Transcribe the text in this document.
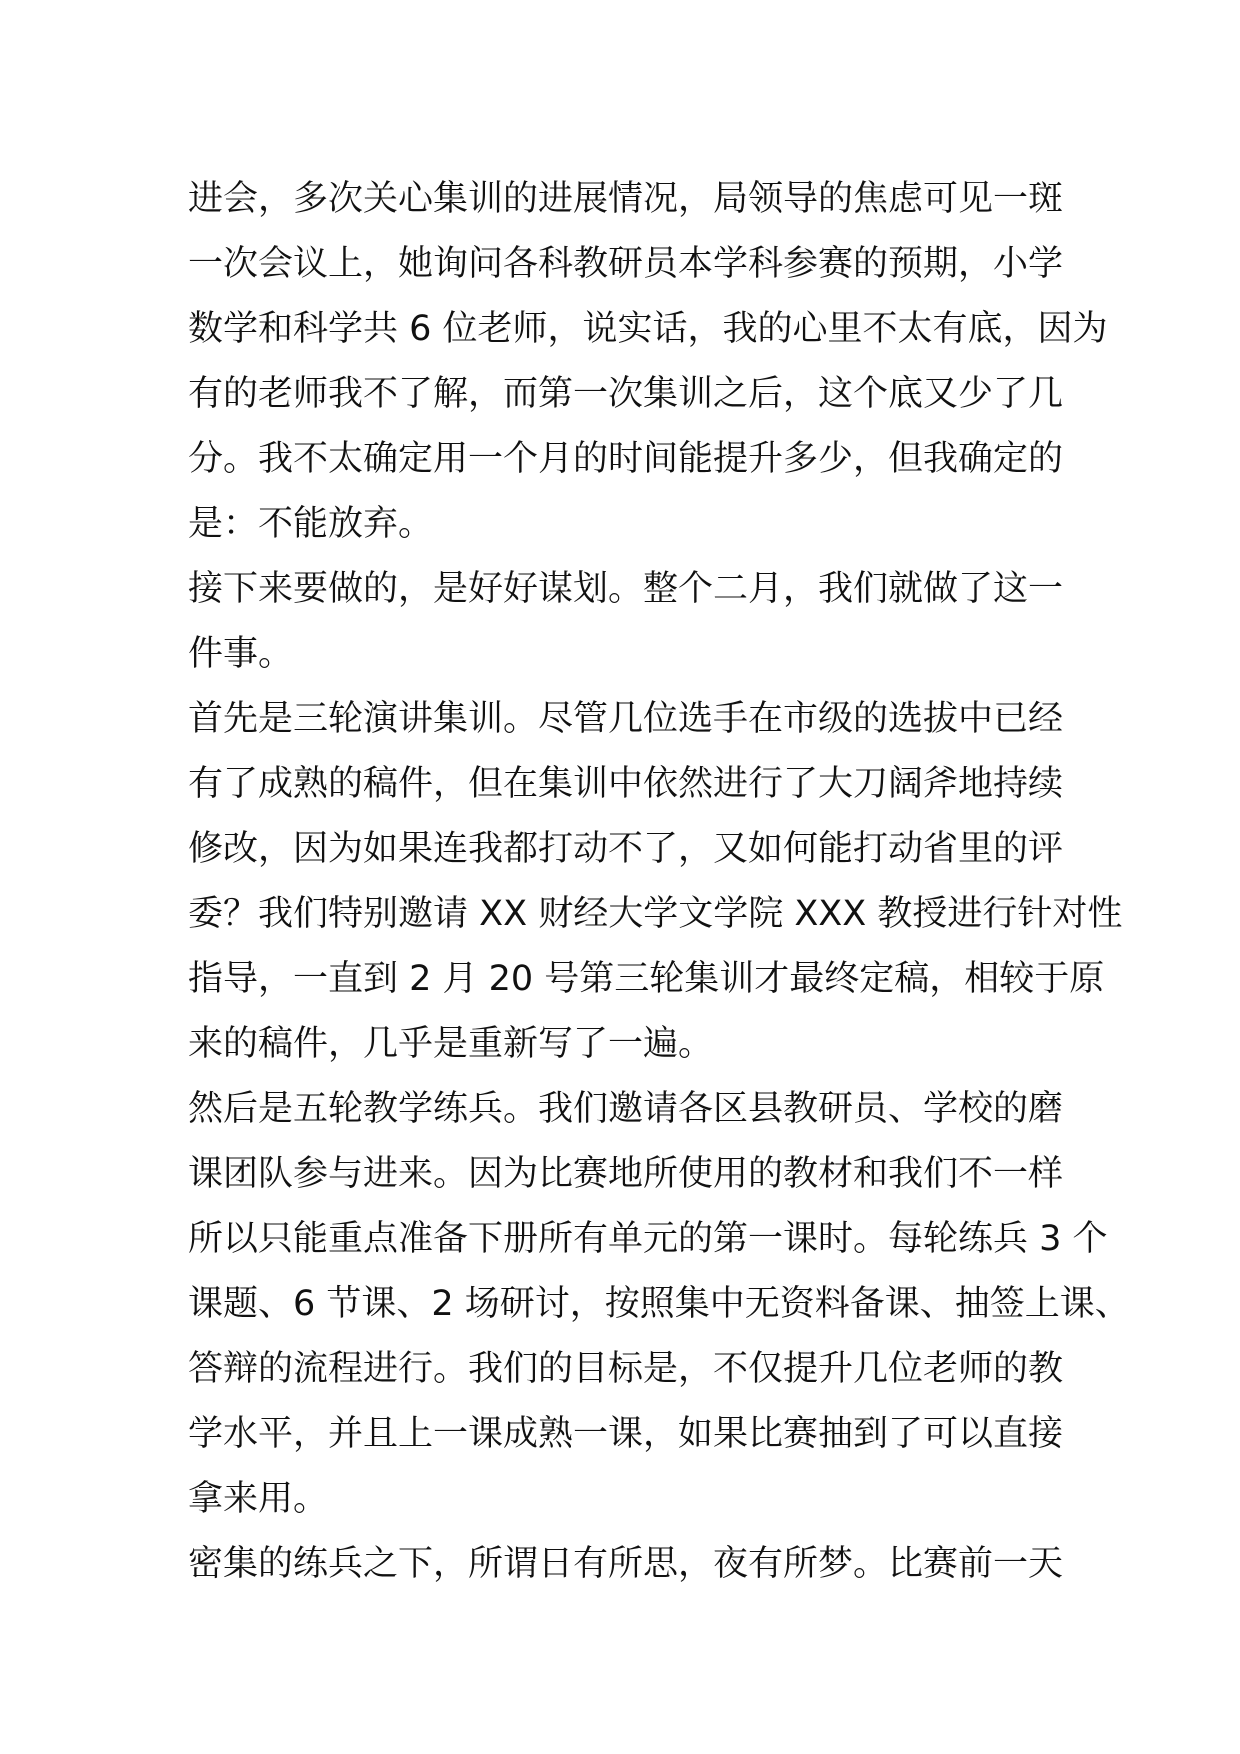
进会，多次关心集训的进展情况，局领导的焦虑可见一斑
一次会议上，她询问各科教研员本学科参赛的预期，小学
数学和科学共 6 位老师，说实话，我的心里不太有底，因为
有的老师我不了解，而第一次集训之后，这个底又少了几
分。我不太确定用一个月的时间能提升多少，但我确定的
是：不能放弃。
接下来要做的，是好好谋划。整个二月，我们就做了这一
件事。
首先是三轮演讲集训。尽管几位选手在市级的选拔中已经
有了成熟的稿件，但在集训中依然进行了大刀阔斧地持续
修改，因为如果连我都打动不了，又如何能打动省里的评
委？我们特别邀请 XX 财经大学文学院 XXX 教授进行针对性
指导，一直到 2 月 20 号第三轮集训才最终定稿，相较于原
来的稿件，几乎是重新写了一遍。
然后是五轮教学练兵。我们邀请各区县教研员、学校的磨
课团队参与进来。因为比赛地所使用的教材和我们不一样
所以只能重点准备下册所有单元的第一课时。每轮练兵 3 个
课题、6 节课、2 场研讨，按照集中无资料备课、抽签上课、
答辩的流程进行。我们的目标是，不仅提升几位老师的教
学水平，并且上一课成熟一课，如果比赛抽到了可以直接
拿来用。
密集的练兵之下，所谓日有所思，夜有所梦。比赛前一天
